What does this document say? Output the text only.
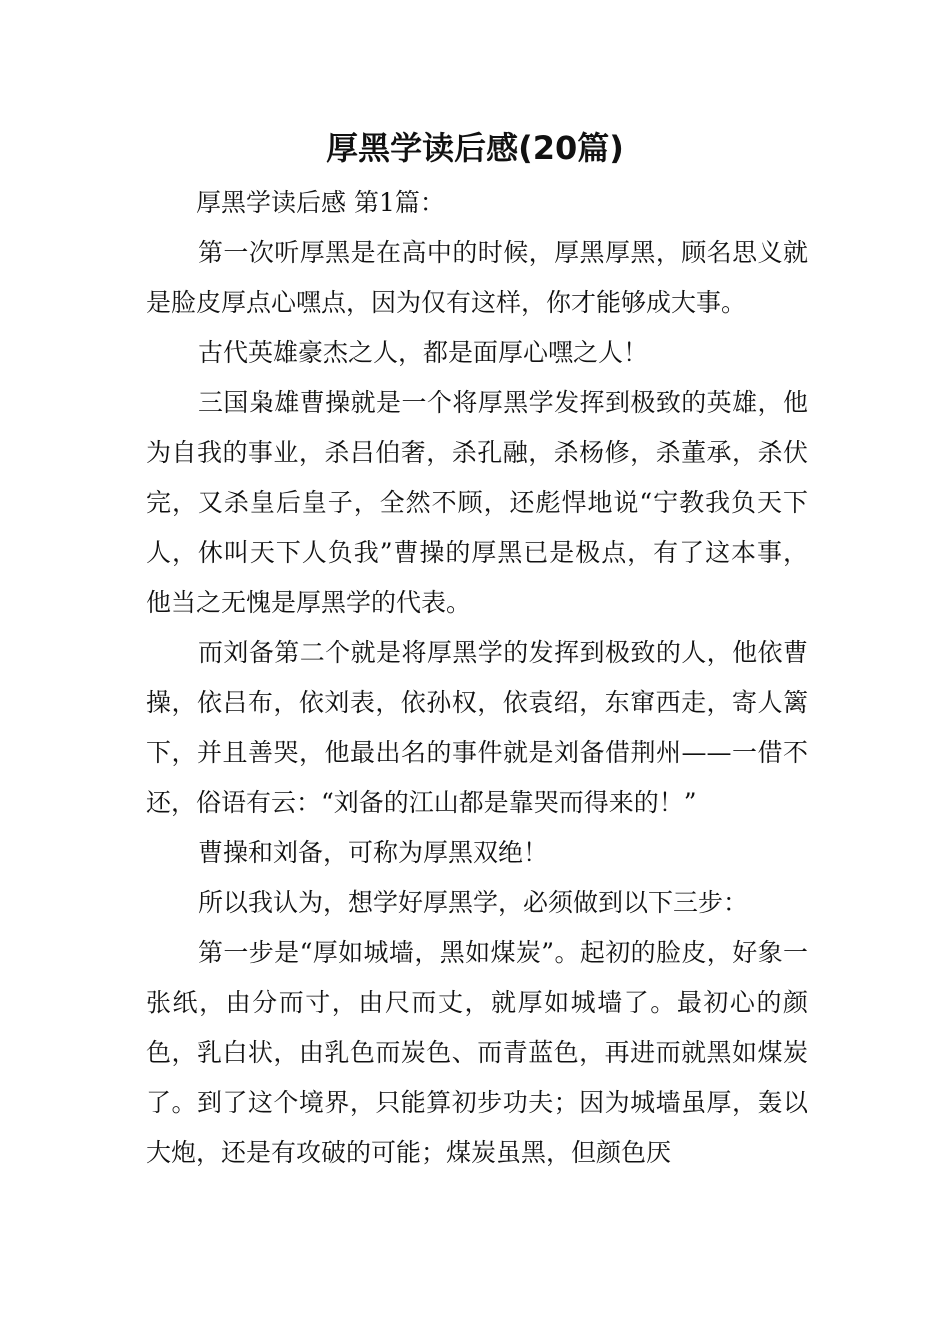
厚黑学读后感(20篇)

厚黑学读后感 第1篇：

第一次听厚黑是在高中的时候，厚黑厚黑，顾名思义就是脸皮厚点心嘿点，因为仅有这样，你才能够成大事。

古代英雄豪杰之人，都是面厚心嘿之人！

三国枭雄曹操就是一个将厚黑学发挥到极致的英雄，他为自我的事业，杀吕伯奢，杀孔融，杀杨修，杀董承，杀伏完，又杀皇后皇子，全然不顾，还彪悍地说“宁教我负天下人，休叫天下人负我”曹操的厚黑已是极点，有了这本事，他当之无愧是厚黑学的代表。

而刘备第二个就是将厚黑学的发挥到极致的人，他依曹操，依吕布，依刘表，依孙权，依袁绍，东窜西走，寄人篱下，并且善哭，他最出名的事件就是刘备借荆州——一借不还，俗语有云：“刘备的江山都是靠哭而得来的！”

曹操和刘备，可称为厚黑双绝！

所以我认为，想学好厚黑学，必须做到以下三步：

第一步是“厚如城墙，黑如煤炭”。起初的脸皮，好象一张纸，由分而寸，由尺而丈，就厚如城墙了。最初心的颜色，乳白状，由乳色而炭色、而青蓝色，再进而就黑如煤炭了。到了这个境界，只能算初步功夫；因为城墙虽厚，轰以大炮，还是有攻破的可能；煤炭虽黑，但颜色厌
